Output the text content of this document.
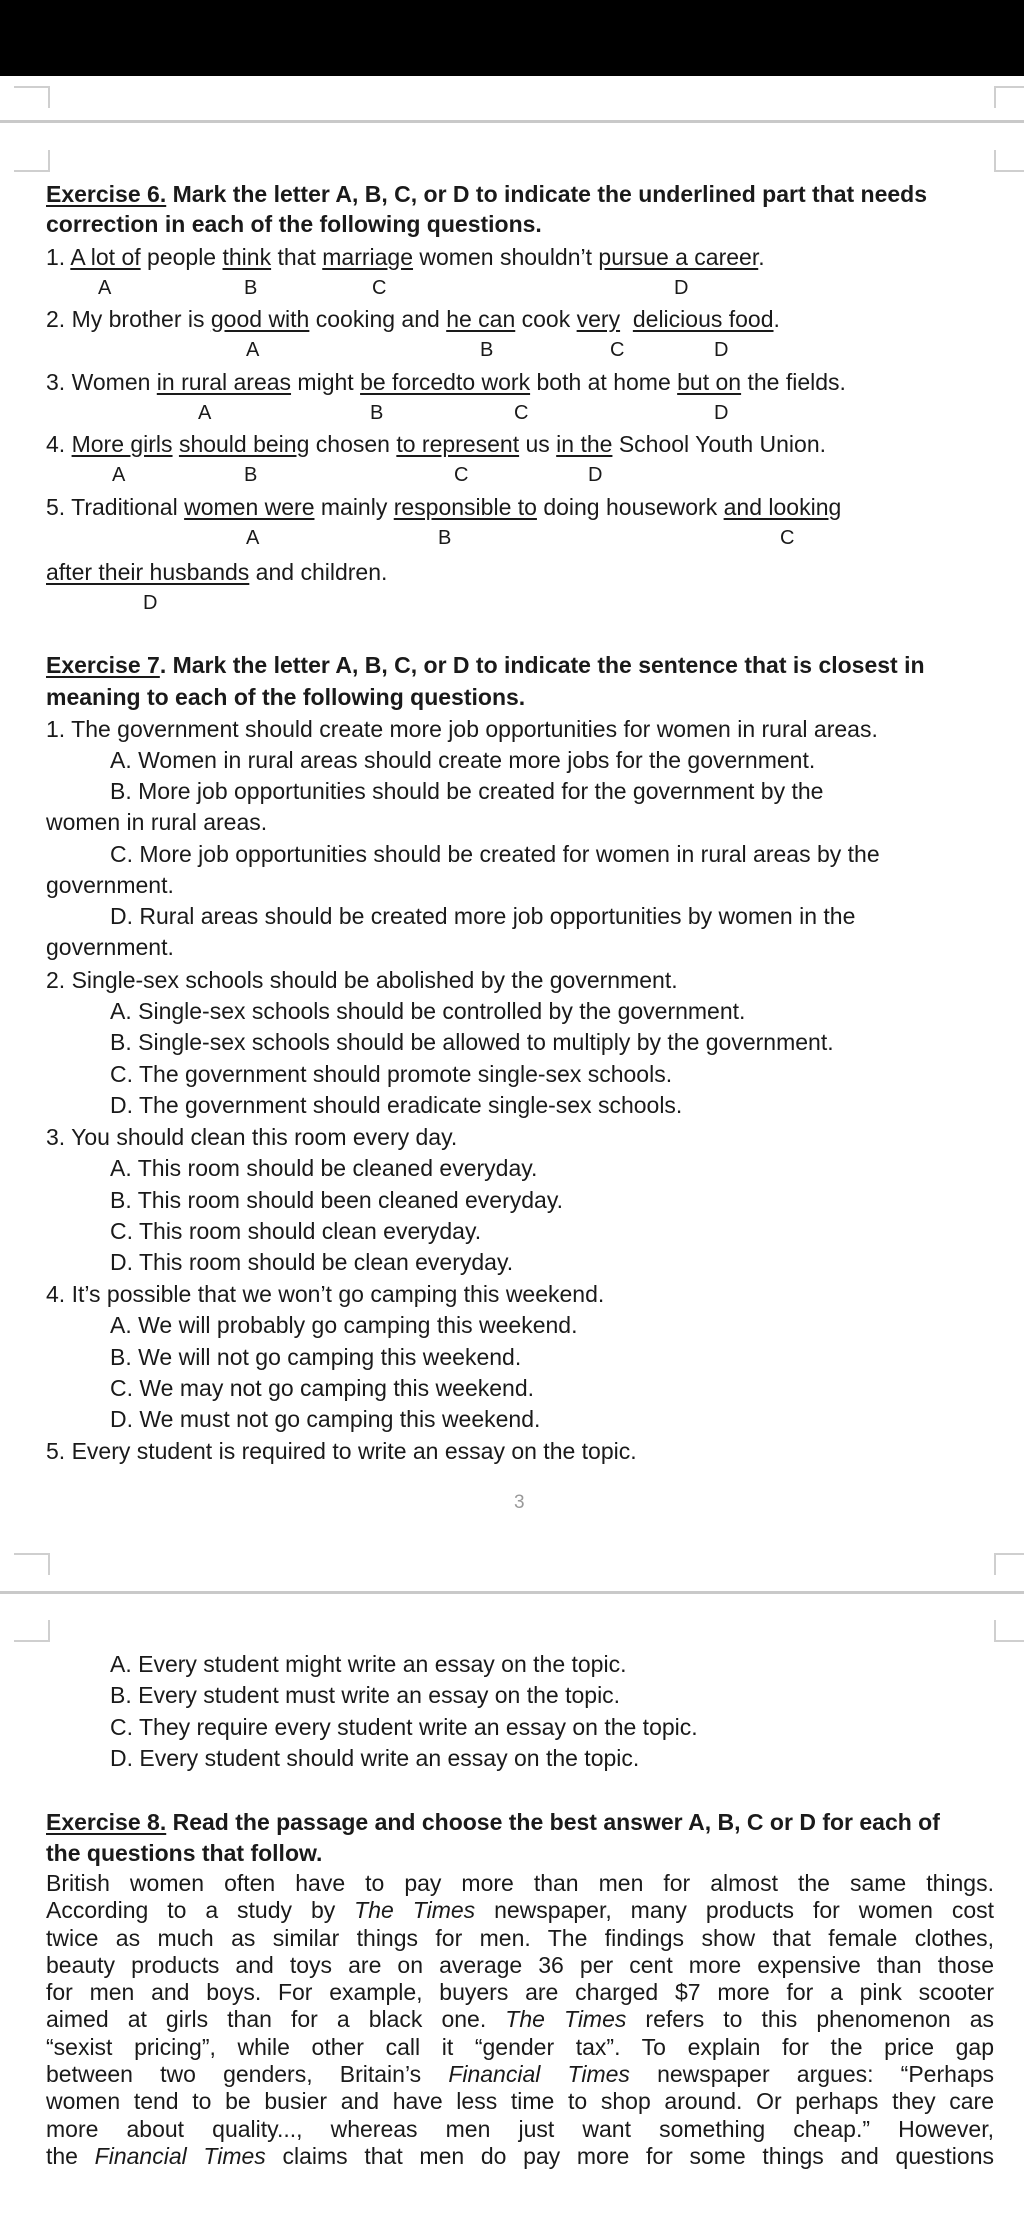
Exercise 6. Mark the letter A, B, C, or D to indicate the underlined part that needs
correction in each of the following questions.
1. A lot of people think that marriage women shouldn’t pursue a career.
A	B	C	D
2. My brother is good with cooking and he can cook very delicious food.
A	B	C	D
3. Women in rural areas might be forcedto work both at home but on the fields.
A	B	C	D
4. More girls should being chosen to represent us in the School Youth Union.
A	B	C	D
5. Traditional women were mainly responsible to doing housework and looking
A	B	C
after their husbands and children.
D
Exercise 7. Mark the letter A, B, C, or D to indicate the sentence that is closest in
meaning to each of the following questions.
1. The government should create more job opportunities for women in rural areas.
A. Women in rural areas should create more jobs for the government.
B. More job opportunities should be created for the government by the
women in rural areas.
C. More job opportunities should be created for women in rural areas by the
government.
D. Rural areas should be created more job opportunities by women in the
government.
2. Single-sex schools should be abolished by the government.
A. Single-sex schools should be controlled by the government.
B. Single-sex schools should be allowed to multiply by the government.
C. The government should promote single-sex schools.
D. The government should eradicate single-sex schools.
3. You should clean this room every day.
A. This room should be cleaned everyday.
B. This room should been cleaned everyday.
C. This room should clean everyday.
D. This room should be clean everyday.
4. It’s possible that we won’t go camping this weekend.
A. We will probably go camping this weekend.
B. We will not go camping this weekend.
C. We may not go camping this weekend.
D. We must not go camping this weekend.
5. Every student is required to write an essay on the topic.
3
A. Every student might write an essay on the topic.
B. Every student must write an essay on the topic.
C. They require every student write an essay on the topic.
D. Every student should write an essay on the topic.
Exercise 8. Read the passage and choose the best answer A, B, C or D for each of
the questions that follow.
British women often have to pay more than men for almost the same things.
According to a study by The Times newspaper, many products for women cost
twice as much as similar things for men. The findings show that female clothes,
beauty products and toys are on average 36 per cent more expensive than those
for men and boys. For example, buyers are charged $7 more for a pink scooter
aimed at girls than for a black one. The Times refers to this phenomenon as
“sexist pricing”, while other call it “gender tax”. To explain for the price gap
between two genders, Britain’s Financial Times newspaper argues: “Perhaps
women tend to be busier and have less time to shop around. Or perhaps they care
more about quality..., whereas men just want something cheap.” However,
the Financial Times claims that men do pay more for some things and questions
